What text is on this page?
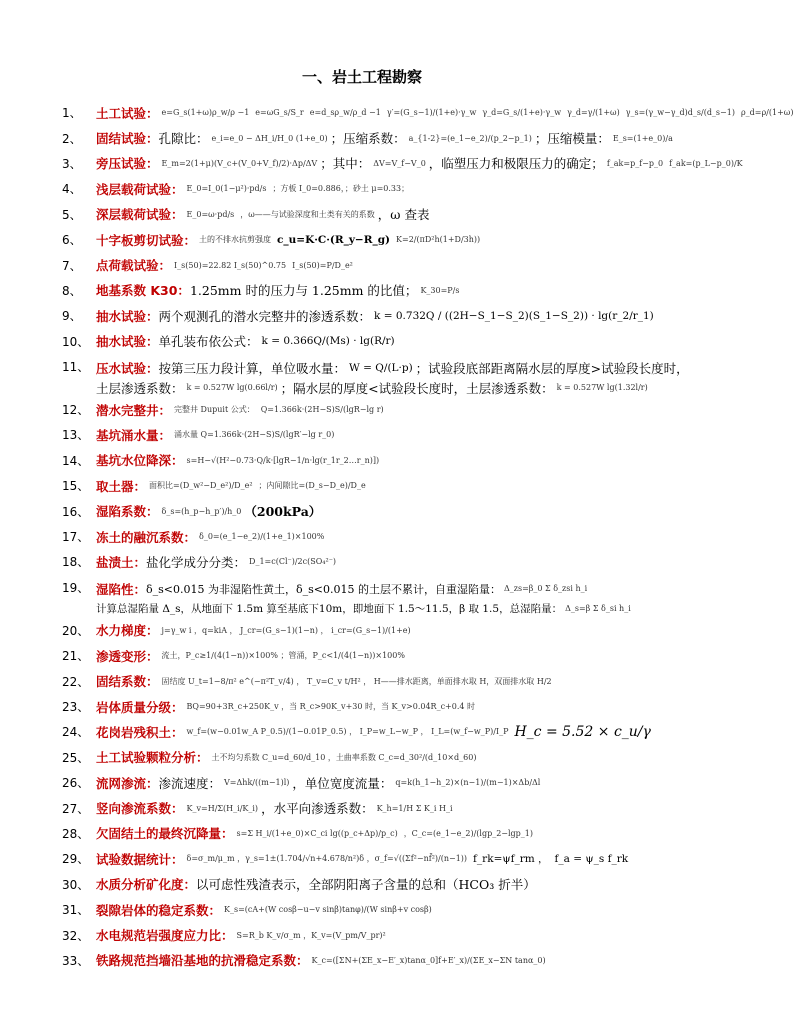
一、岩土工程勘察
1、	土工试验： e=G_s(1+ω)ρ_w/ρ −1 e=ωG_s/S_r e=d_sρ_w/ρ_d −1 γ′=(G_s−1)/(1+e)·γ_w γ_d=G_s/(1+e)·γ_w γ_d=γ/(1+ω) γ_s=(γ_w−γ_d)d_s/(d_s−1) ρ_d=ρ/(1+ω)
2、	固结试验： 孔隙比： e_i=e_0 − ΔH_i/H_0 (1+e_0) ；压缩系数： a_{1-2}=(e_1−e_2)/(p_2−p_1) ；压缩模量： E_s=(1+e_0)/a
3、	旁压试验： E_m=2(1+μ)(V_c+(V_0+V_f)/2)·Δp/ΔV ；其中： ΔV=V_f−V_0 ，临塑压力和极限压力的确定； f_ak=p_f−p_0 f_ak=(p_L−p_0)/K
4、	浅层载荷试验： E_0=I_0(1−μ²)·pd/s ；方板 I_0=0.886，；砂土 μ=0.33；
5、	深层载荷试验： E_0=ω·pd/s ，ω——与试验深度和土类有关的系数 ，ω 查表
6、	十字板剪切试验： 土的不排水抗剪强度 c_u=K·C·(R_y−R_g) K=2/(πD²h(1+D/3h))
7、	点荷载试验： I_s(50)=22.82 I_s(50)^0.75 I_s(50)=P/D_e²
8、	地基系数 K30： 1.25mm 时的压力与 1.25mm 的比值； K_30=P/s
9、	抽水试验： 两个观测孔的潜水完整井的渗透系数： k = 0.732Q / ((2H−S_1−S_2)(S_1−S_2)) · lg(r_2/r_1)
10、 抽水试验： 单孔装布依公式： k = 0.366Q/(Ms) · lg(R/r)
11、 压水试验： 按第三压力段计算，单位吸水量： W = Q/(L·p) ；试验段底部距离隔水层的厚度>试验段长度时，
土层渗透系数： k = 0.527W lg(0.66l/r) ；隔水层的厚度<试验段长度时，土层渗透系数： k = 0.527W lg(1.32l/r)
12、 潜水完整井： 完整井 Dupuit 公式： Q=1.366k·(2H−S)S/(lgR−lg r)
13、 基坑涌水量： 涌水量 Q=1.366k·(2H−S)S/(lgR′−lg r_0)
14、 基坑水位降深： s=H−√(H²−0.73·Q/k·[lgR−1/n·lg(r_1r_2…r_n)])
15、 取土器： 面积比=(D_w²−D_e²)/D_e² ；内间隙比=(D_s−D_e)/D_e
16、 湿陷系数： δ_s=(h_p−h_p′)/h_0 （200kPa）
17、 冻土的融沉系数： δ_0=(e_1−e_2)/(1+e_1)×100%
18、 盐渍土： 盐化学成分分类： D_1=c(Cl⁻)/2c(SO₄²⁻)
19、 湿陷性： δ_s<0.015 为非湿陷性黄土，δ_s<0.015 的土层不累计，自重湿陷量： Δ_zs=β_0 Σ δ_zsi h_i
计算总湿陷量 Δ_s，从地面下 1.5m 算至基底下10m，即地面下 1.5～11.5，β 取 1.5，总湿陷量： Δ_s=β Σ δ_si h_i
20、 水力梯度： j=γ_w i ，q=kiA ， J_cr=(G_s−1)(1−n) ， i_cr=(G_s−1)/(1+e)
21、 渗透变形： 流土，P_c≥1/(4(1−n))×100% ；管涌，P_c<1/(4(1−n))×100%
22、 固结系数： 固结度 U_t=1−8/π² e^(−π²T_v/4) ， T_v=C_v t/H² ， H——排水距离，单面排水取 H，双面排水取 H/2
23、 岩体质量分级： BQ=90+3R_c+250K_v ，当 R_c>90K_v+30 时，当 K_v>0.04R_c+0.4 时
24、 花岗岩残积土： w_f=(w−0.01w_A P_0.5)/(1−0.01P_0.5) ， I_P=w_L−w_P ， I_L=(w_f−w_P)/I_P H_c = 5.52 × c_u/γ
25、 土工试验颗粒分析： 土不均匀系数 C_u=d_60/d_10 ，土曲率系数 C_c=d_30²/(d_10×d_60)
26、 流网渗流： 渗流速度： V=Δhk/((m−1)l) ，单位宽度流量： q=k(h_1−h_2)×(n−1)/(m−1)×Δb/Δl
27、 竖向渗流系数： K_v=H/Σ(H_i/K_i) ，水平向渗透系数： K_h=1/H Σ K_i H_i
28、 欠固结土的最终沉降量： s=Σ H_i/(1+e_0)×C_ci lg((p_c+Δp)/p_c) ，C_c=(e_1−e_2)/(lgp_2−lgp_1)
29、 试验数据统计： δ=σ_m/μ_m ，γ_s=1±(1.704/√n+4.678/n²)δ ，σ_f=√((Σf²−nf̄²)/(n−1)) f_rk=ψf_rm ， f_a = ψ_s f_rk
30、 水质分析矿化度： 以可虑性残渣表示，全部阴阳离子含量的总和（HCO₃ 折半）
31、 裂隙岩体的稳定系数： K_s=(cA+(W cosβ−u−v sinβ)tanφ)/(W sinβ+v cosβ)
32、 水电规范岩强度应力比： S=R_b K_v/σ_m ，K_v=(V_pm/V_pr)²
33、 铁路规范挡墙沿基地的抗滑稳定系数： K_c=([ΣN+(ΣE_x−E′_x)tanα_0]f+E′_x)/(ΣE_x−ΣN tanα_0)
